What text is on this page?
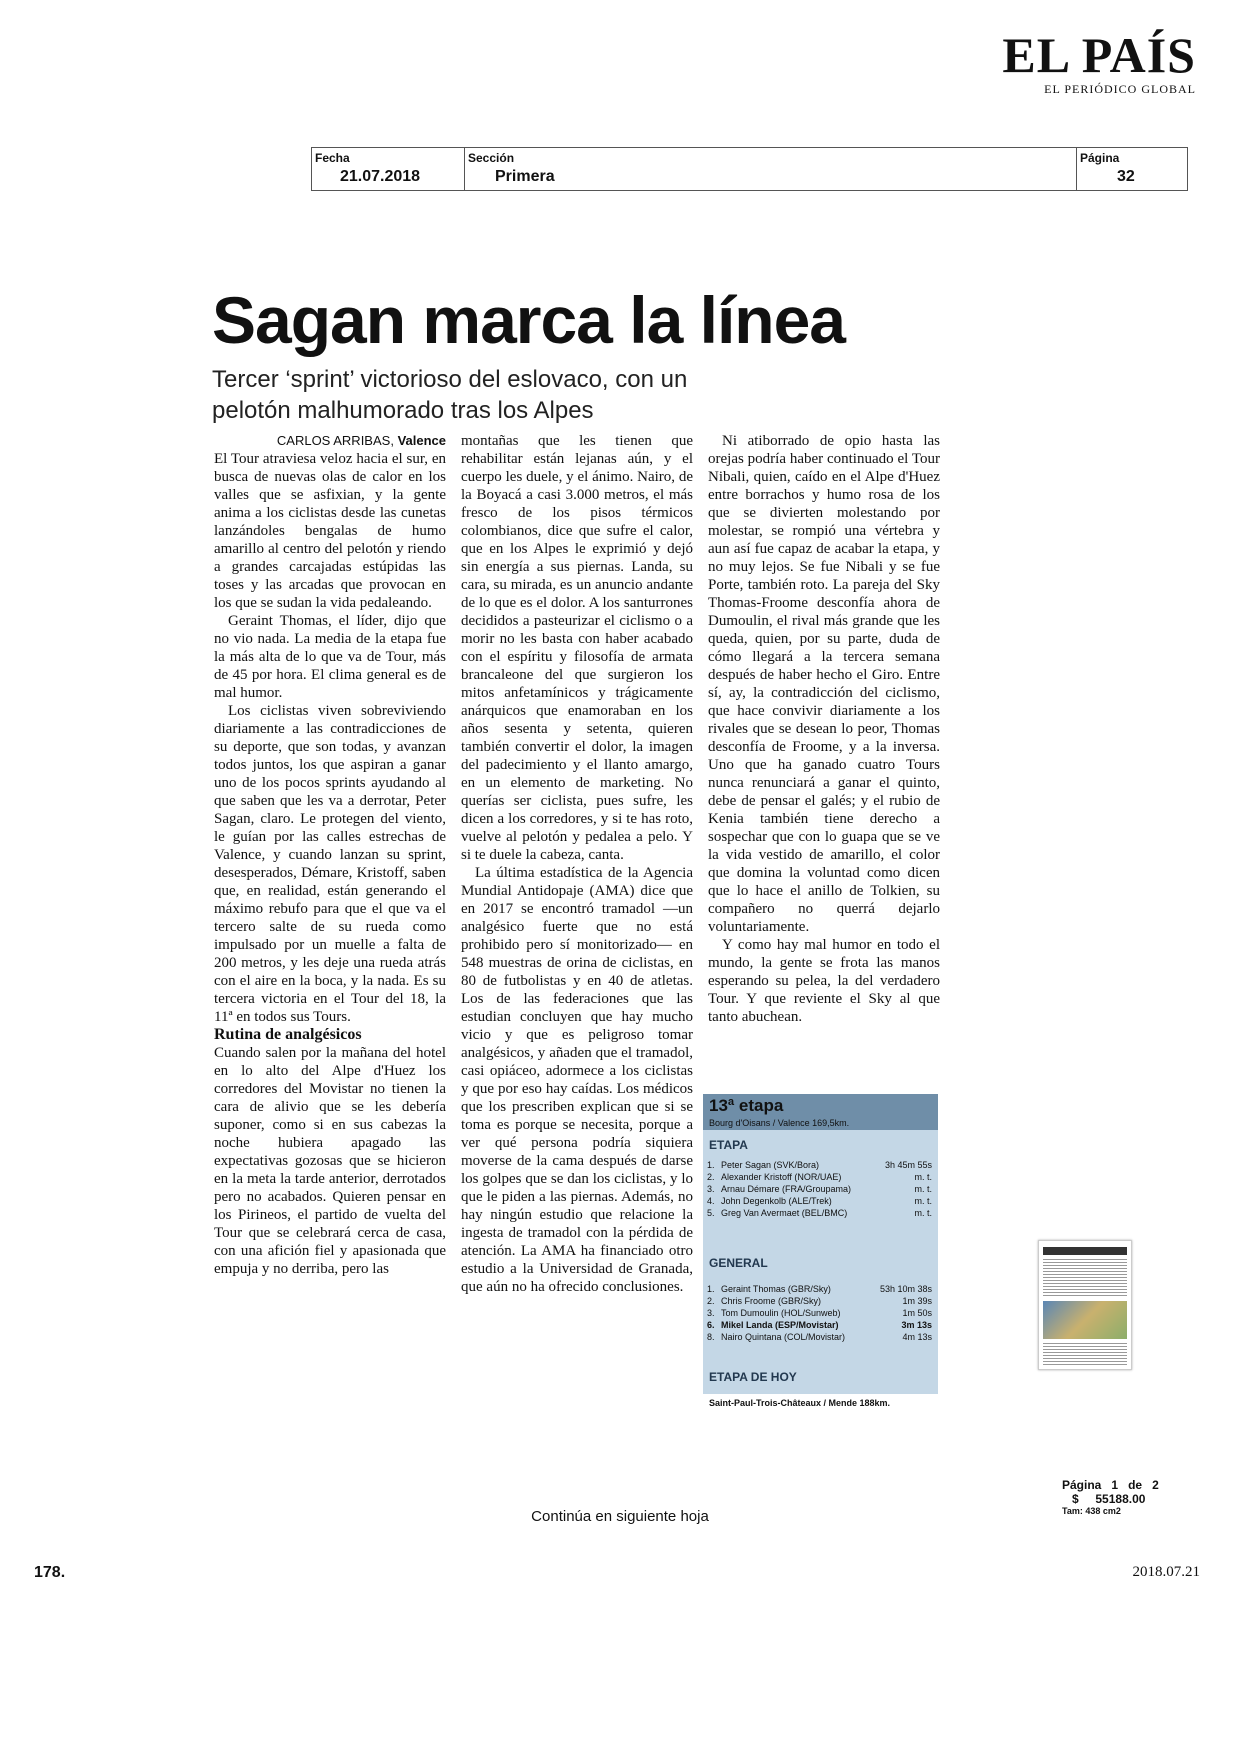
EL PAÍS
EL PERIÓDICO GLOBAL
Fecha
21.07.2018
Sección
Primera
Página
32
Sagan marca la línea
Tercer ‘sprint’ victorioso del eslovaco, con un pelotón malhumorado tras los Alpes

CARLOS ARRIBAS, Valence

El Tour atraviesa veloz hacia el sur, en busca de nuevas olas de calor en los valles que se asfixian, y la gente anima a los ciclistas desde las cunetas lanzándoles bengalas de humo amarillo al centro del pelotón y riendo a grandes carcajadas estúpidas las toses y las arcadas que provocan en los que se sudan la vida pedaleando.

Geraint Thomas, el líder, dijo que no vio nada. La media de la etapa fue la más alta de lo que va de Tour, más de 45 por hora. El clima general es de mal humor.

Los ciclistas viven sobreviviendo diariamente a las contradicciones de su deporte, que son todas, y avanzan todos juntos, los que aspiran a ganar uno de los pocos sprints ayudando al que saben que les va a derrotar, Peter Sagan, claro. Le protegen del viento, le guían por las calles estrechas de Valence, y cuando lanzan su sprint, desesperados, Démare, Kristoff, saben que, en realidad, están generando el máximo rebufo para que el que va el tercero salte de su rueda como impulsado por un muelle a falta de 200 metros, y les deje una rueda atrás con el aire en la boca, y la nada. Es su tercera victoria en el Tour del 18, la 11ª en todos sus Tours.

Rutina de analgésicos

Cuando salen por la mañana del hotel en lo alto del Alpe d'Huez los corredores del Movistar no tienen la cara de alivio que se les debería suponer, como si en sus cabezas la noche hubiera apagado las expectativas gozosas que se hicieron en la meta la tarde anterior, derrotados pero no acabados. Quieren pensar en los Pirineos, el partido de vuelta del Tour que se celebrará cerca de casa, con una afición fiel y apasionada que empuja y no derriba, pero las

montañas que les tienen que rehabilitar están lejanas aún, y el cuerpo les duele, y el ánimo. Nairo, de la Boyacá a casi 3.000 metros, el más fresco de los pisos térmicos colombianos, dice que sufre el calor, que en los Alpes le exprimió y dejó sin energía a sus piernas. Landa, su cara, su mirada, es un anuncio andante de lo que es el dolor. A los santurrones decididos a pasteurizar el ciclismo o a morir no les basta con haber acabado con el espíritu y filosofía de armata brancaleone del que surgieron los mitos anfetamínicos y trágicamente anárquicos que enamoraban en los años sesenta y setenta, quieren también convertir el dolor, la imagen del padecimiento y el llanto amargo, en un elemento de marketing. No querías ser ciclista, pues sufre, les dicen a los corredores, y si te has roto, vuelve al pelotón y pedalea a pelo. Y si te duele la cabeza, canta.

La última estadística de la Agencia Mundial Antidopaje (AMA) dice que en 2017 se encontró tramadol —un analgésico fuerte que no está prohibido pero sí monitorizado— en 548 muestras de orina de ciclistas, en 80 de futbolistas y en 40 de atletas. Los de las federaciones que las estudian concluyen que hay mucho vicio y que es peligroso tomar analgésicos, y añaden que el tramadol, casi opiáceo, adormece a los ciclistas y que por eso hay caídas. Los médicos que los prescriben explican que si se toma es porque se necesita, porque a ver qué persona podría siquiera moverse de la cama después de darse los golpes que se dan los ciclistas, y lo que le piden a las piernas. Además, no hay ningún estudio que relacione la ingesta de tramadol con la pérdida de atención. La AMA ha financiado otro estudio a la Universidad de Granada, que aún no ha ofrecido conclusiones.

Ni atiborrado de opio hasta las orejas podría haber continuado el Tour Nibali, quien, caído en el Alpe d'Huez entre borrachos y humo rosa de los que se divierten molestando por molestar, se rompió una vértebra y aun así fue capaz de acabar la etapa, y no muy lejos. Se fue Nibali y se fue Porte, también roto. La pareja del Sky Thomas-Froome desconfía ahora de Dumoulin, el rival más grande que les queda, quien, por su parte, duda de cómo llegará a la tercera semana después de haber hecho el Giro. Entre sí, ay, la contradicción del ciclismo, que hace convivir diariamente a los rivales que se desean lo peor, Thomas desconfía de Froome, y a la inversa. Uno que ha ganado cuatro Tours nunca renunciará a ganar el quinto, debe de pensar el galés; y el rubio de Kenia también tiene derecho a sospechar que con lo guapa que se ve la vida vestido de amarillo, el color que domina la voluntad como dicen que lo hace el anillo de Tolkien, su compañero no querrá dejarlo voluntariamente.

Y como hay mal humor en todo el mundo, la gente se frota las manos esperando su pelea, la del verdadero Tour. Y que reviente el Sky al que tanto abuchean.

13ª etapa
Bourg d'Oisans / Valence 169,5km.
ETAPA
1. Peter Sagan (SVK/Bora)	3h 45m 55s
2. Alexander Kristoff (NOR/UAE)	m. t.
3. Arnau Démare (FRA/Groupama)	m. t.
4. John Degenkolb (ALE/Trek)	m. t.
5. Greg Van Avermaet (BEL/BMC)	m. t.
GENERAL
1. Geraint Thomas (GBR/Sky)	53h 10m 38s
2. Chris Froome (GBR/Sky)	1m 39s
3. Tom Dumoulin (HOL/Sunweb)	1m 50s
6. Mikel Landa (ESP/Movistar)	3m 13s
8. Nairo Quintana (COL/Movistar)	4m 13s
ETAPA DE HOY
Saint-Paul-Trois-Châteaux / Mende 188km.
Página 1 de 2
$ 55188.00
Tam: 438 cm2
Continúa en siguiente hoja
178.	2018.07.21
